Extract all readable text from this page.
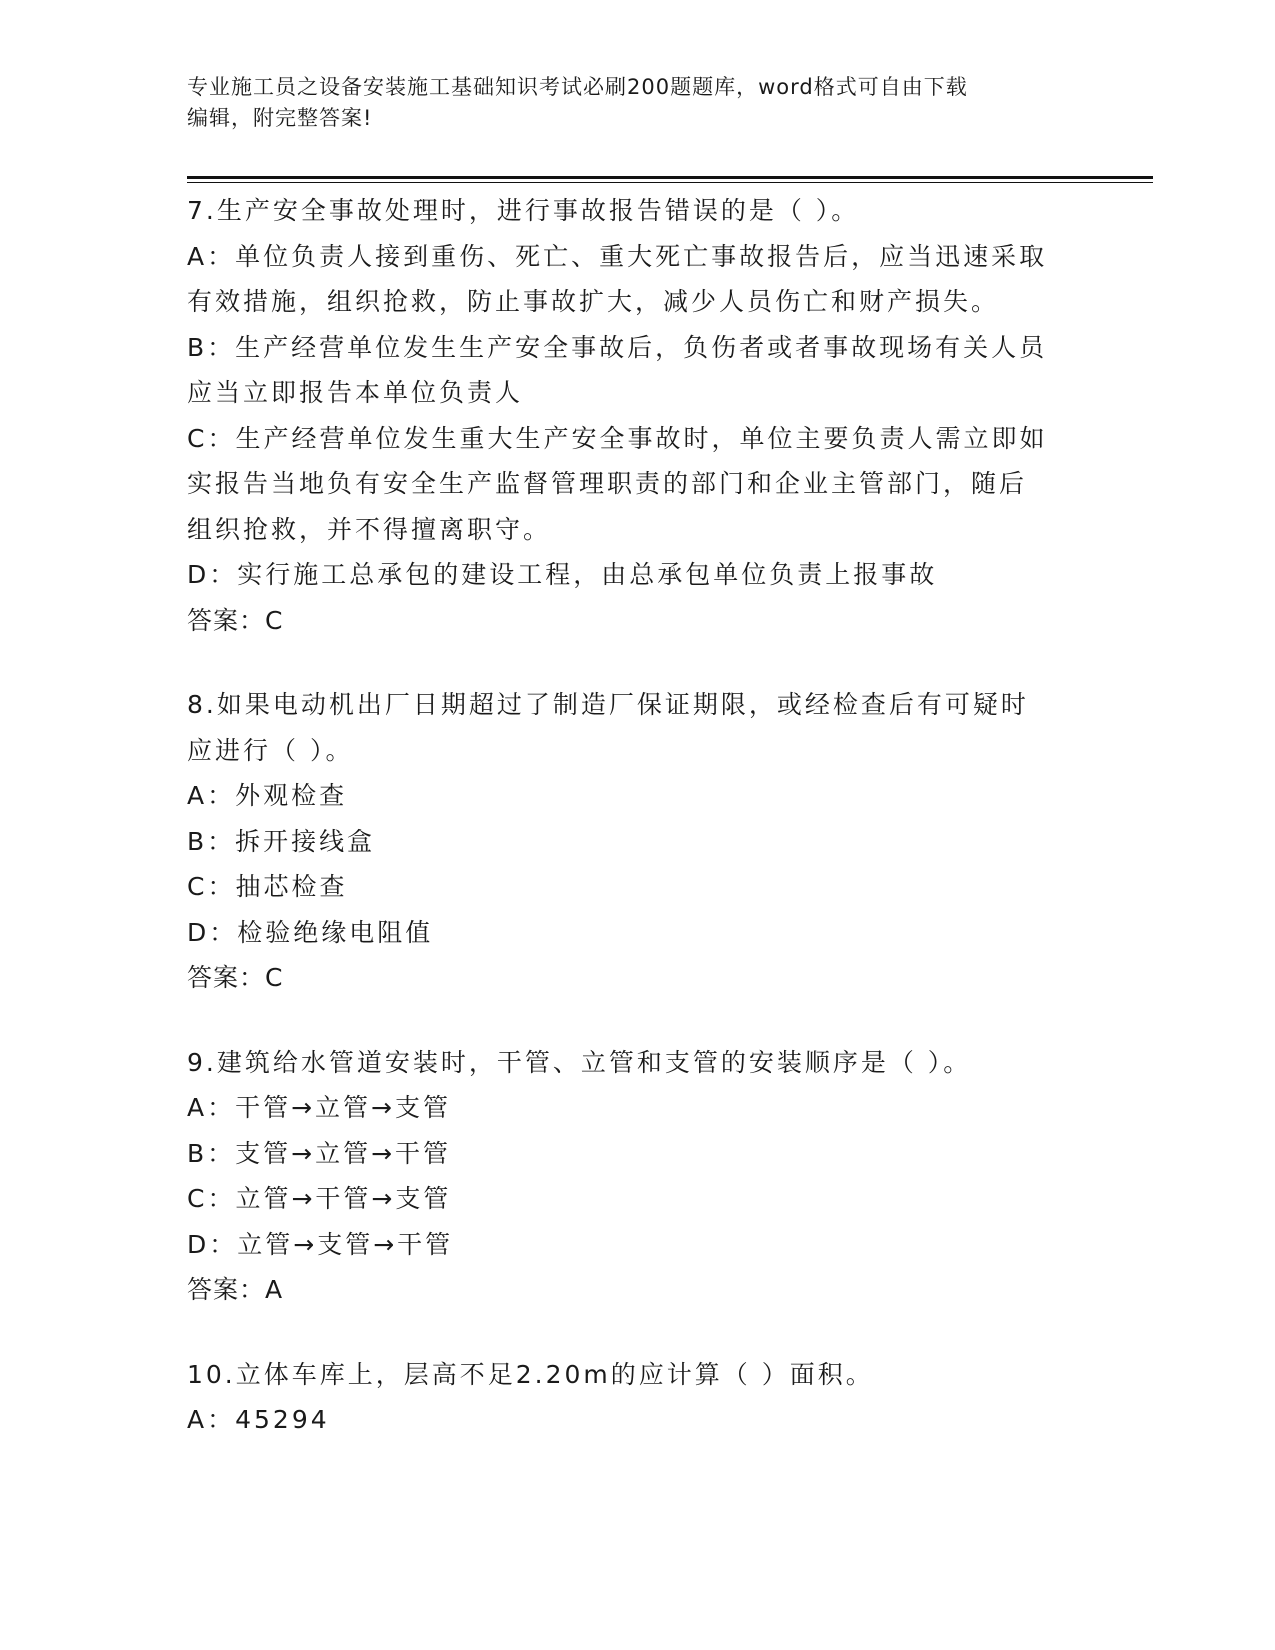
专业施工员之设备安装施工基础知识考试必刷200题题库，word格式可自由下载
编辑，附完整答案!
7.生产安全事故处理时，进行事故报告错误的是（ ）。
A：单位负责人接到重伤、死亡、重大死亡事故报告后，应当迅速采取
有效措施，组织抢救，防止事故扩大，减少人员伤亡和财产损失。
B：生产经营单位发生生产安全事故后，负伤者或者事故现场有关人员
应当立即报告本单位负责人
C：生产经营单位发生重大生产安全事故时，单位主要负责人需立即如
实报告当地负有安全生产监督管理职责的部门和企业主管部门，随后
组织抢救，并不得擅离职守。
D：实行施工总承包的建设工程，由总承包单位负责上报事故
答案：C
8.如果电动机出厂日期超过了制造厂保证期限，或经检查后有可疑时
应进行（ ）。
A：外观检查
B：拆开接线盒
C：抽芯检查
D：检验绝缘电阻值
答案：C
9.建筑给水管道安装时，干管、立管和支管的安装顺序是（ ）。
A：干管→立管→支管
B：支管→立管→干管
C：立管→干管→支管
D：立管→支管→干管
答案：A
10.立体车库上，层高不足2.20m的应计算（ ）面积。
A：45294
